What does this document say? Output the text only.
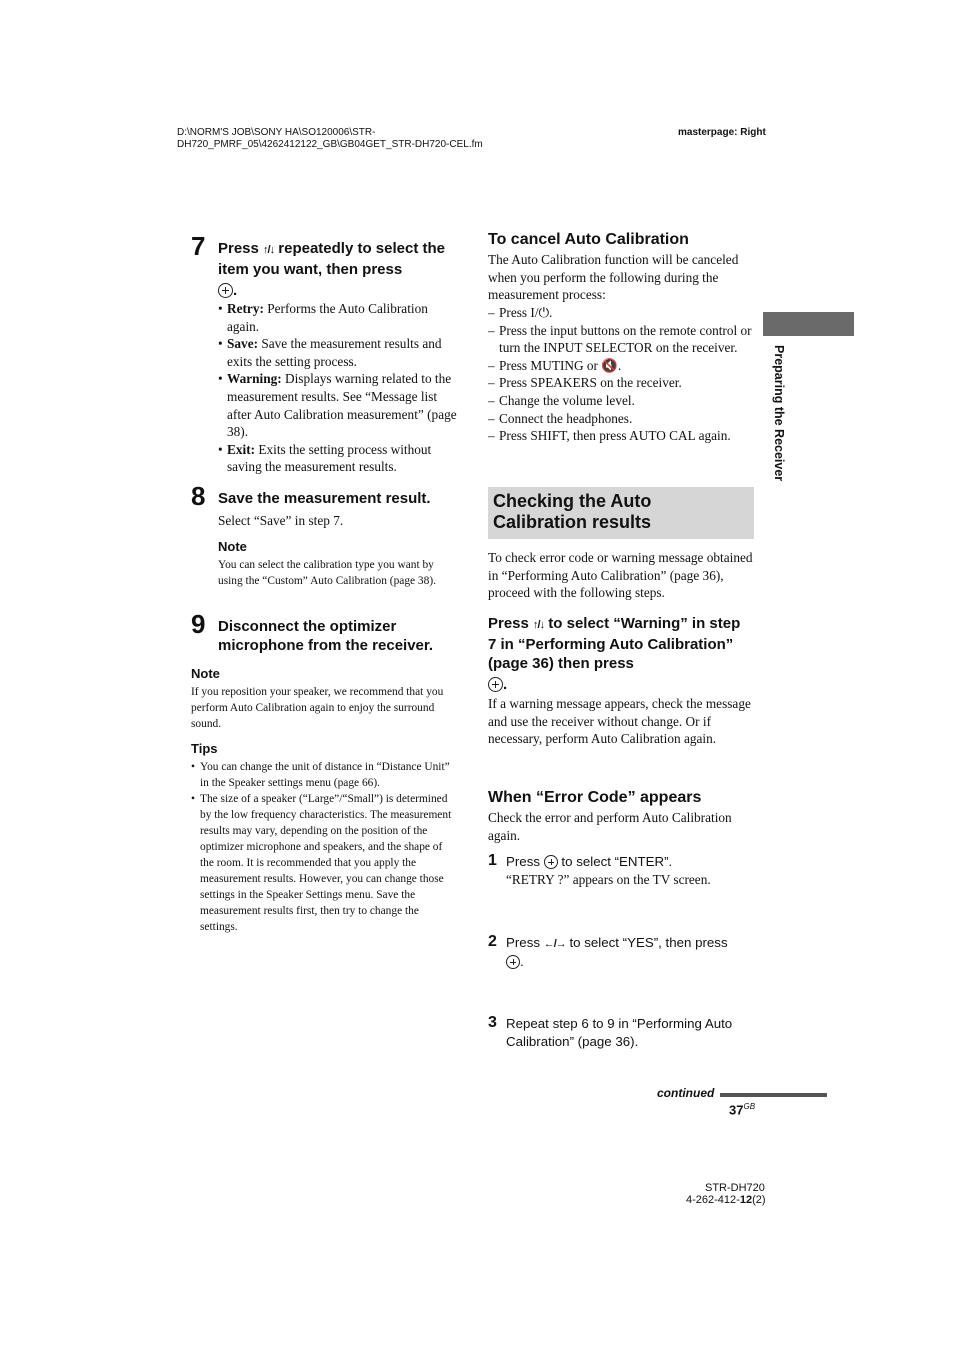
D:\NORM'S JOB\SONY HA\SO120006\STR-
DH720_PMRF_05\4262412122_GB\GB04GET_STR-DH720-CEL.fm
masterpage: Right
7 Press ↑/↓ repeatedly to select the item you want, then press
.
• Retry: Performs the Auto Calibration again.
• Save: Save the measurement results and exits the setting process.
• Warning: Displays warning related to the measurement results. See “Message list after Auto Calibration measurement” (page 38).
• Exit: Exits the setting process without saving the measurement results.
8 Save the measurement result.
Select “Save” in step 7.
Note
You can select the calibration type you want by using the “Custom” Auto Calibration (page 38).
9 Disconnect the optimizer microphone from the receiver.
Note
If you reposition your speaker, we recommend that you perform Auto Calibration again to enjoy the surround sound.
Tips
• You can change the unit of distance in “Distance Unit” in the Speaker settings menu (page 66).
• The size of a speaker (“Large”/“Small”) is determined by the low frequency characteristics. The measurement results may vary, depending on the position of the optimizer microphone and speakers, and the shape of the room. It is recommended that you apply the measurement results. However, you can change those settings in the Speaker Settings menu. Save the measurement results first, then try to change the settings.
To cancel Auto Calibration
The Auto Calibration function will be canceled when you perform the following during the measurement process:
– Press I/⏻.
– Press the input buttons on the remote control or turn the INPUT SELECTOR on the receiver.
– Press MUTING or 🔇.
– Press SPEAKERS on the receiver.
– Change the volume level.
– Connect the headphones.
– Press SHIFT, then press AUTO CAL again.
Checking the Auto Calibration results
To check error code or warning message obtained in “Performing Auto Calibration” (page 36), proceed with the following steps.
Press ↑/↓ to select “Warning” in step 7 in “Performing Auto Calibration” (page 36) then press
.
If a warning message appears, check the message and use the receiver without change. Or if necessary, perform Auto Calibration again.
When “Error Code” appears
Check the error and perform Auto Calibration again.
1 Press to select “ENTER”.
“RETRY ?” appears on the TV screen.
2 Press ←/→ to select “YES”, then press
.
3 Repeat step 6 to 9 in “Performing Auto Calibration” (page 36).
Preparing the Receiver
continued
$37^{GB}$
STR-DH720
4-262-412-12(2)
